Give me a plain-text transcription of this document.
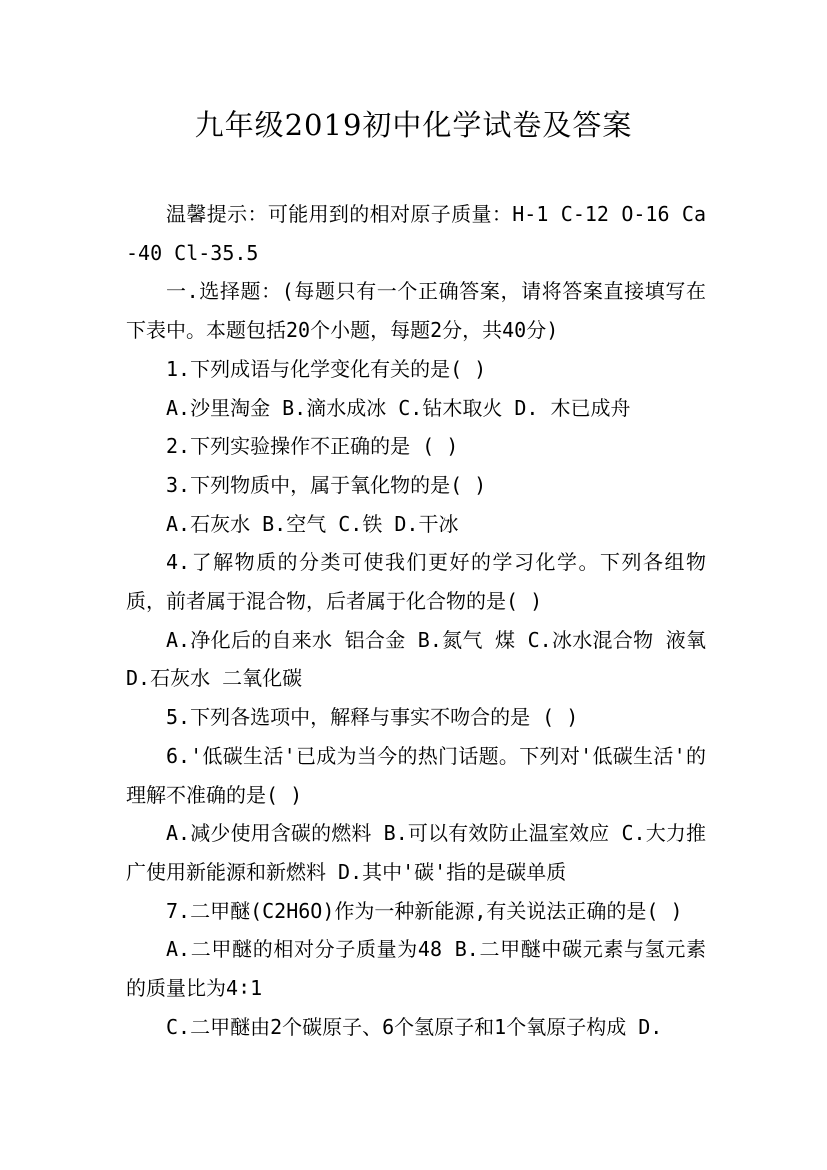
九年级2019初中化学试卷及答案

温馨提示：可能用到的相对原子质量：H-1 C-12 O-16 Ca-40 Cl-35.5

一.选择题：(每题只有一个正确答案，请将答案直接填写在下表中。本题包括20个小题，每题2分，共40分)

1.下列成语与化学变化有关的是( )

A.沙里淘金 B.滴水成冰 C.钻木取火 D. 木已成舟

2.下列实验操作不正确的是 ( )

3.下列物质中，属于氧化物的是( )

A.石灰水 B.空气 C.铁 D.干冰

4.了解物质的分类可使我们更好的学习化学。下列各组物质，前者属于混合物，后者属于化合物的是( )

A.净化后的自来水 铝合金 B.氮气 煤 C.冰水混合物 液氧 D.石灰水 二氧化碳

5.下列各选项中，解释与事实不吻合的是 ( )

6.'低碳生活'已成为当今的热门话题。下列对'低碳生活'的理解不准确的是( )

A.减少使用含碳的燃料 B.可以有效防止温室效应 C.大力推广使用新能源和新燃料 D.其中'碳'指的是碳单质

7.二甲醚(C2H6O)作为一种新能源,有关说法正确的是( )

A.二甲醚的相对分子质量为48 B.二甲醚中碳元素与氢元素的质量比为4∶1

C.二甲醚由2个碳原子、6个氢原子和1个氧原子构成 D.
